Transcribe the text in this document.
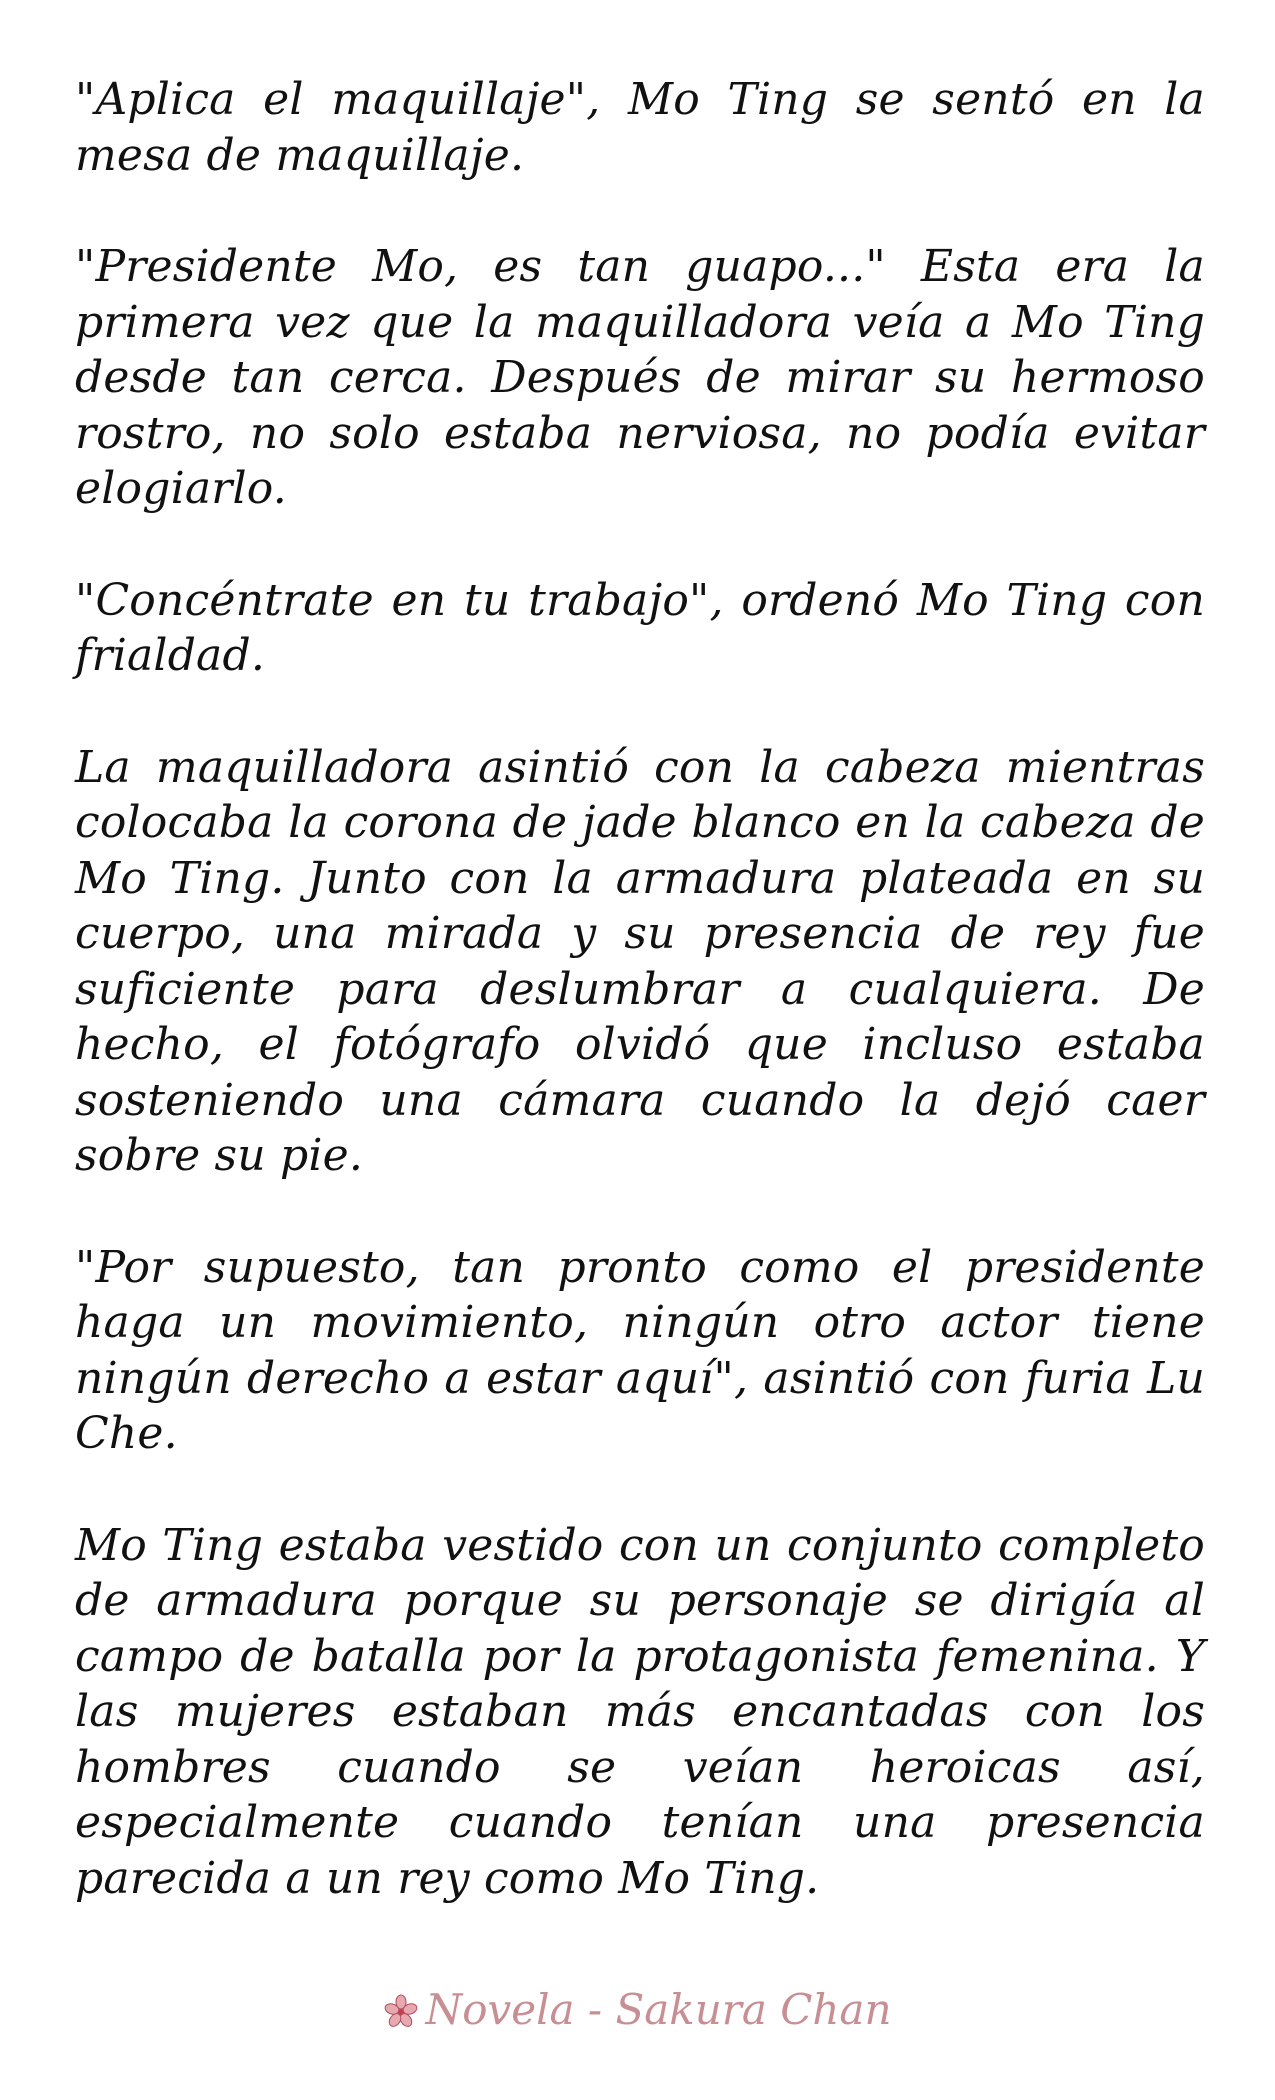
"Aplica el maquillaje", Mo Ting se sentó en la mesa de maquillaje.

"Presidente Mo, es tan guapo..." Esta era la primera vez que la maquilladora veía a Mo Ting desde tan cerca. Después de mirar su hermoso rostro, no solo estaba nerviosa, no podía evitar elogiarlo.

"Concéntrate en tu trabajo", ordenó Mo Ting con frialdad.

La maquilladora asintió con la cabeza mientras colocaba la corona de jade blanco en la cabeza de Mo Ting. Junto con la armadura plateada en su cuerpo, una mirada y su presencia de rey fue suficiente para deslumbrar a cualquiera. De hecho, el fotógrafo olvidó que incluso estaba sosteniendo una cámara cuando la dejó caer sobre su pie.

"Por supuesto, tan pronto como el presidente haga un movimiento, ningún otro actor tiene ningún derecho a estar aquí", asintió con furia Lu Che.

Mo Ting estaba vestido con un conjunto completo de armadura porque su personaje se dirigía al campo de batalla por la protagonista femenina. Y las mujeres estaban más encantadas con los hombres cuando se veían heroicas así, especialmente cuando tenían una presencia parecida a un rey como Mo Ting.

Novela - Sakura Chan
